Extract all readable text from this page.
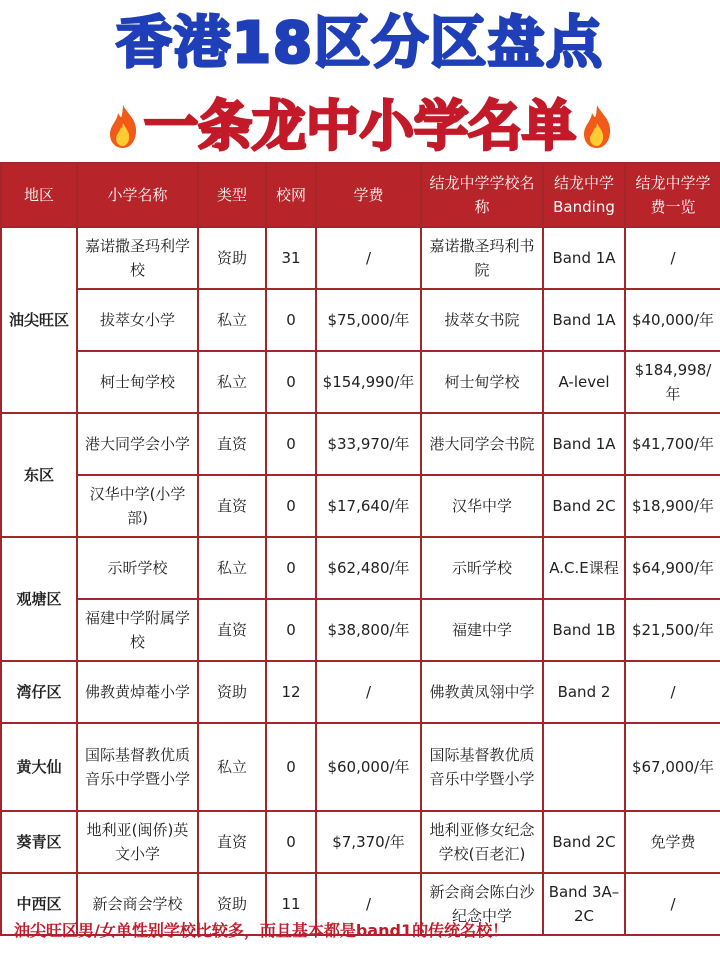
香港18区分区盘点
一条龙中小学名单
地区	小学名称	类型	校网	学费	结龙中学学校名称	结龙中学Banding	结龙中学学费一览
油尖旺区	嘉诺撒圣玛利学校	资助	31	/	嘉诺撒圣玛利书院	Band 1A	/
	拔萃女小学	私立	0	$75,000/年	拔萃女书院	Band 1A	$40,000/年
	柯士甸学校	私立	0	$154,990/年	柯士甸学校	A-level	$184,998/年
东区	港大同学会小学	直资	0	$33,970/年	港大同学会书院	Band 1A	$41,700/年
	汉华中学(小学部)	直资	0	$17,640/年	汉华中学	Band 2C	$18,900/年
观塘区	示昕学校	私立	0	$62,480/年	示昕学校	A.C.E课程	$64,900/年
	福建中学附属学校	直资	0	$38,800/年	福建中学	Band 1B	$21,500/年
湾仔区	佛教黄焯菴小学	资助	12	/	佛教黄凤翎中学	Band 2	/
黄大仙	国际基督教优质音乐中学暨小学	私立	0	$60,000/年	国际基督教优质音乐中学暨小学		$67,000/年
葵青区	地利亚(闽侨)英文小学	直资	0	$7,370/年	地利亚修女纪念学校(百老汇)	Band 2C	免学费
中西区	新会商会学校	资助	11	/	新会商会陈白沙纪念中学	Band 3A–2C	/
油尖旺区男/女单性别学校比较多，而且基本都是band1的传统名校！
